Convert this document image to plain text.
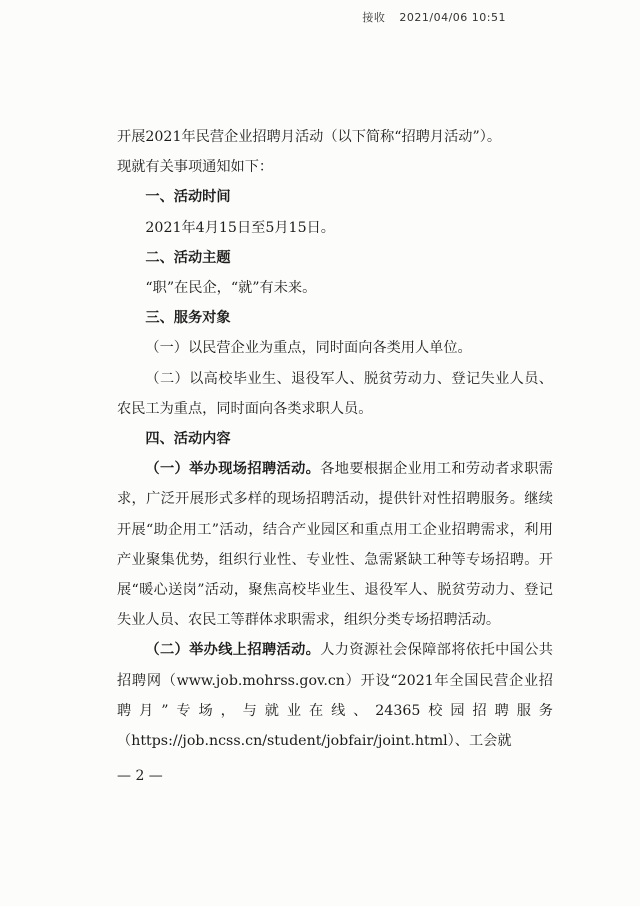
接收 2021/04/06 10:51

开展2021年民营企业招聘月活动（以下简称“招聘月活动”）。

现就有关事项通知如下：

一、活动时间

2021年4月15日至5月15日。

二、活动主题

“职”在民企，“就”有未来。

三、服务对象

（一）以民营企业为重点，同时面向各类用人单位。

（二）以高校毕业生、退役军人、脱贫劳动力、登记失业人员、农民工为重点，同时面向各类求职人员。

四、活动内容

（一）举办现场招聘活动。各地要根据企业用工和劳动者求职需求，广泛开展形式多样的现场招聘活动，提供针对性招聘服务。继续开展“助企用工”活动，结合产业园区和重点用工企业招聘需求，利用产业聚集优势，组织行业性、专业性、急需紧缺工种等专场招聘。开展“暖心送岗”活动，聚焦高校毕业生、退役军人、脱贫劳动力、登记失业人员、农民工等群体求职需求，组织分类专场招聘活动。

（二）举办线上招聘活动。人力资源社会保障部将依托中国公共招聘网（www.job.mohrss.gov.cn）开设“2021年全国民营企业招聘月”专场，与就业在线、24365校园招聘服务（https://job.ncss.cn/student/jobfair/joint.html）、工会就

— 2 —
